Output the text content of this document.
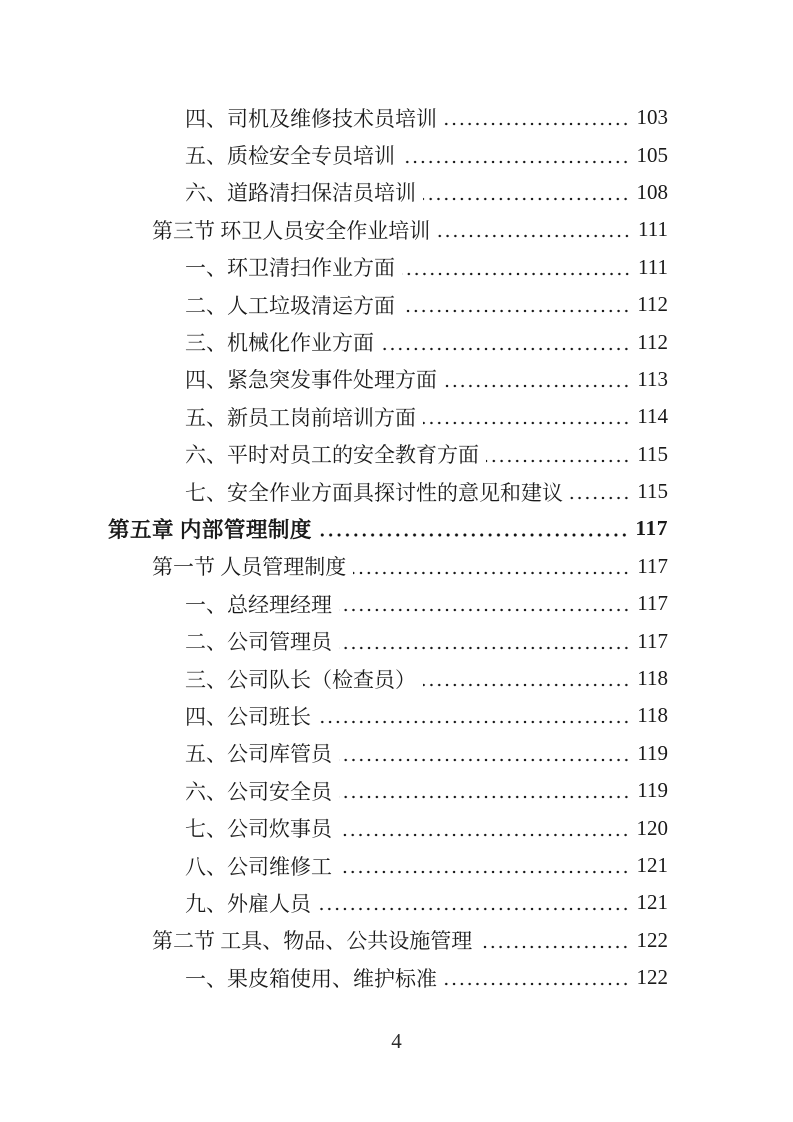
四、司机及维修技术员培训	103
五、质检安全专员培训	105
六、道路清扫保洁员培训	108
第三节 环卫人员安全作业培训	111
一、环卫清扫作业方面	111
二、人工垃圾清运方面	112
三、机械化作业方面	112
四、紧急突发事件处理方面	113
五、新员工岗前培训方面	114
六、平时对员工的安全教育方面	115
七、安全作业方面具探讨性的意见和建议	115
第五章 内部管理制度	117
第一节 人员管理制度	117
一、总经理经理	117
二、公司管理员	117
三、公司队长（检查员）	118
四、公司班长	118
五、公司库管员	119
六、公司安全员	119
七、公司炊事员	120
八、公司维修工	121
九、外雇人员	121
第二节 工具、物品、公共设施管理	122
一、果皮箱使用、维护标准	122
4
